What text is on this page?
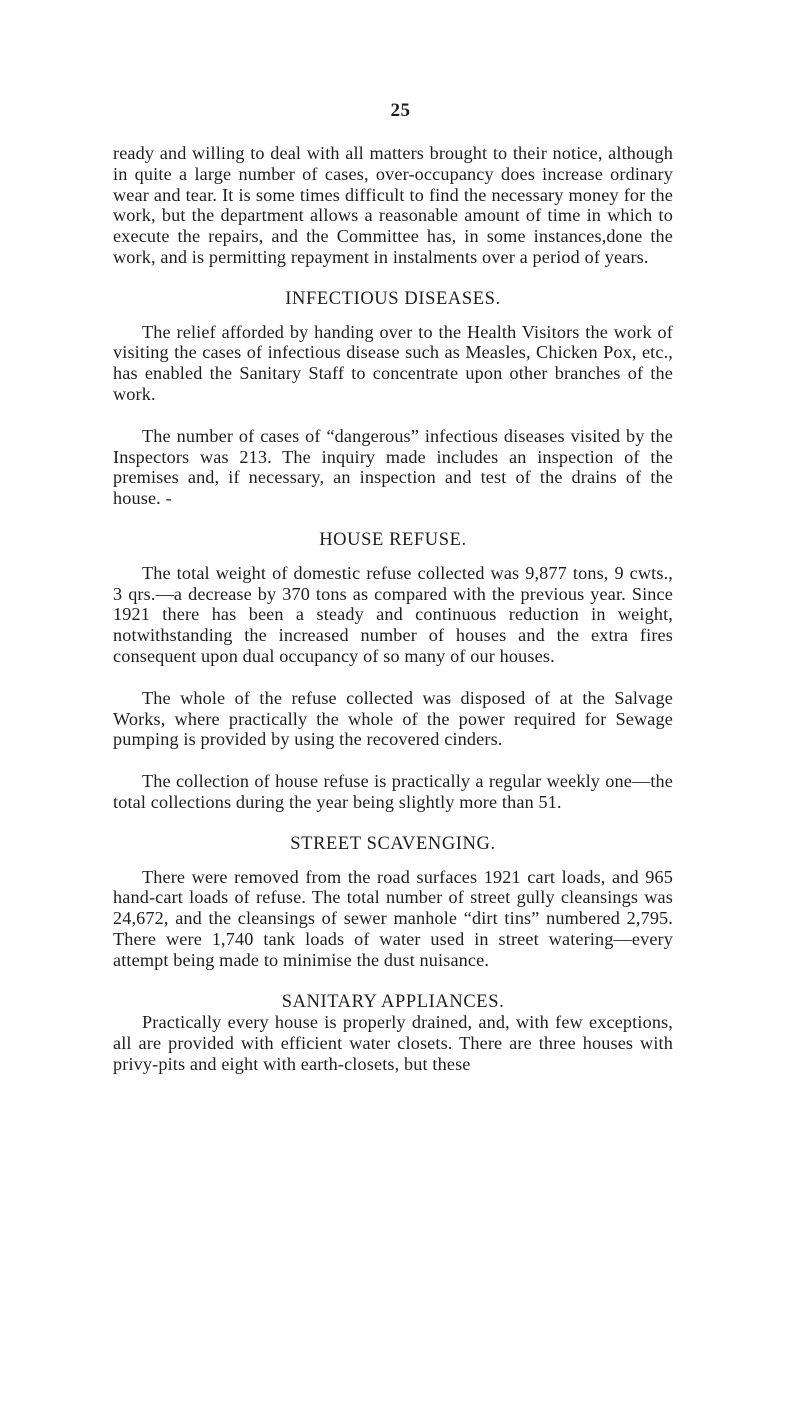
25

ready and willing to deal with all matters brought to their notice, although in quite a large number of cases, over-occupancy does increase ordinary wear and tear. It is some times difficult to find the necessary money for the work, but the department allows a reasonable amount of time in which to execute the repairs, and the Committee has, in some instances,done the work, and is permitting repayment in instalments over a period of years.

INFECTIOUS DISEASES.

The relief afforded by handing over to the Health Visitors the work of visiting the cases of infectious disease such as Measles, Chicken Pox, etc., has enabled the Sanitary Staff to concentrate upon other branches of the work.

The number of cases of “dangerous” infectious diseases visited by the Inspectors was 213. The inquiry made includes an inspection of the premises and, if necessary, an inspection and test of the drains of the house. -

HOUSE REFUSE.

The total weight of domestic refuse collected was 9,877 tons, 9 cwts., 3 qrs.—a decrease by 370 tons as compared with the previous year. Since 1921 there has been a steady and continuous reduction in weight, notwithstanding the increased number of houses and the extra fires consequent upon dual occupancy of so many of our houses.

The whole of the refuse collected was disposed of at the Salvage Works, where practically the whole of the power required for Sewage pumping is provided by using the recovered cinders.

The collection of house refuse is practically a regular weekly one—the total collections during the year being slightly more than 51.

STREET SCAVENGING.

There were removed from the road surfaces 1921 cart loads, and 965 hand-cart loads of refuse. The total number of street gully cleansings was 24,672, and the cleansings of sewer manhole “dirt tins” numbered 2,795. There were 1,740 tank loads of water used in street watering—every attempt being made to minimise the dust nuisance.

SANITARY APPLIANCES.

Practically every house is properly drained, and, with few exceptions, all are provided with efficient water closets. There are three houses with privy-pits and eight with earth-closets, but these
